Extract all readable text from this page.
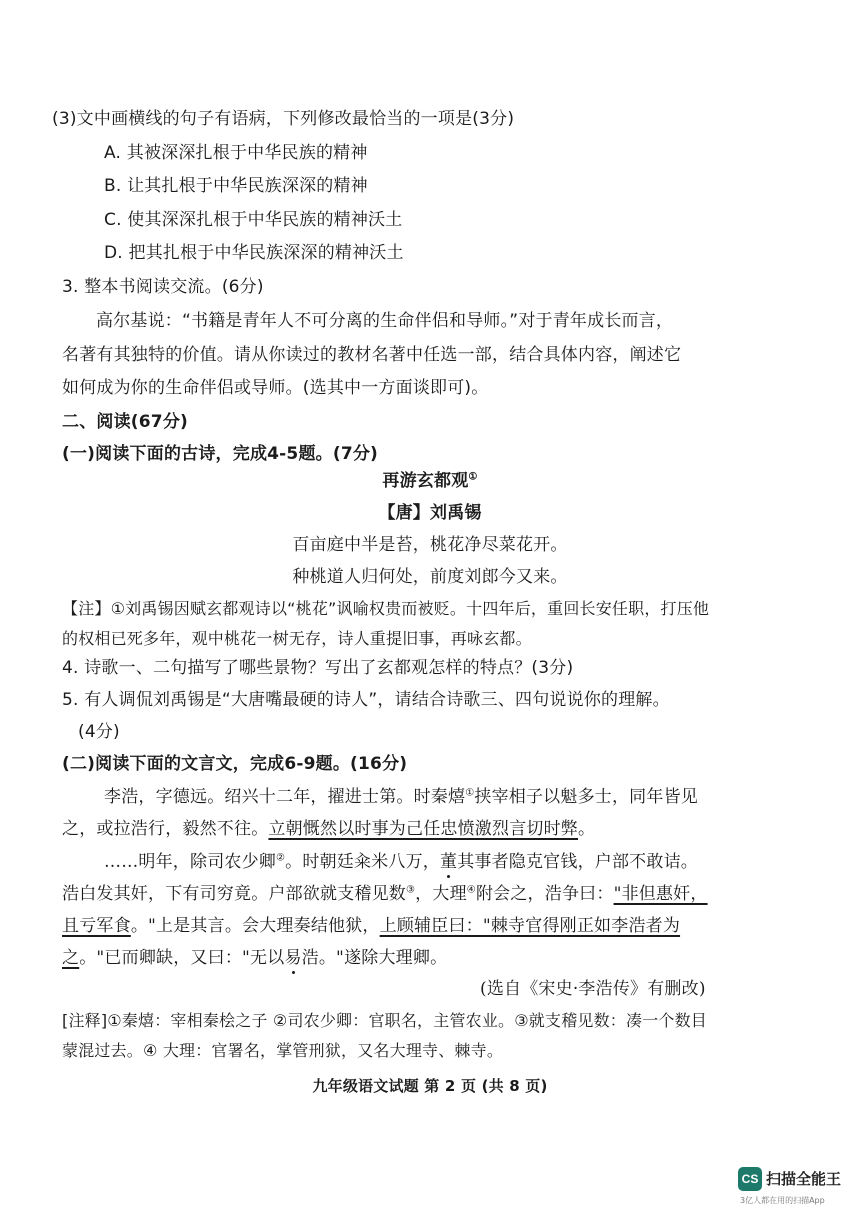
(3)文中画横线的句子有语病，下列修改最恰当的一项是(3分)
A. 其被深深扎根于中华民族的精神
B. 让其扎根于中华民族深深的精神
C. 使其深深扎根于中华民族的精神沃土
D. 把其扎根于中华民族深深的精神沃土
3. 整本书阅读交流。(6分)
高尔基说：“书籍是青年人不可分离的生命伴侣和导师。”对于青年成长而言，
名著有其独特的价值。请从你读过的教材名著中任选一部，结合具体内容，阐述它
如何成为你的生命伴侣或导师。(选其中一方面谈即可)。
二、阅读(67分)
(一)阅读下面的古诗，完成4-5题。(7分)
再游玄都观①
【唐】刘禹锡
百亩庭中半是苔，桃花净尽菜花开。
种桃道人归何处，前度刘郎今又来。
【注】①刘禹锡因赋玄都观诗以“桃花”讽喻权贵而被贬。十四年后，重回长安任职，打压他
的权相已死多年，观中桃花一树无存，诗人重提旧事，再咏玄都。
4. 诗歌一、二句描写了哪些景物？写出了玄都观怎样的特点？(3分)
5. 有人调侃刘禹锡是“大唐嘴最硬的诗人”，请结合诗歌三、四句说说你的理解。
(4分)
(二)阅读下面的文言文，完成6-9题。(16分)
李浩，字德远。绍兴十二年，擢进士第。时秦熺①挟宰相子以魁多士，同年皆见
之，或拉浩行，毅然不往。立朝慨然以时事为己任忠愤激烈言切时弊。
……明年，除司农少卿②。时朝廷籴米八万，董其事者隐克官钱，户部不敢诘。
浩白发其奸，下有司穷竟。户部欲就支稽见数③，大理④附会之，浩争曰："非但惠奸，
且亏军食。"上是其言。会大理奏结他狱，上顾辅臣曰："棘寺官得刚正如李浩者为
之。"已而卿缺，又曰："无以易浩。"遂除大理卿。
(选自《宋史·李浩传》有删改)
[注释]①秦熺：宰相秦桧之子 ②司农少卿：官职名，主管农业。③就支稽见数：凑一个数目
蒙混过去。④ 大理：官署名，掌管刑狱，又名大理寺、棘寺。
九年级语文试题 第 2 页 (共 8 页)
CS 扫描全能王
3亿人都在用的扫描App
